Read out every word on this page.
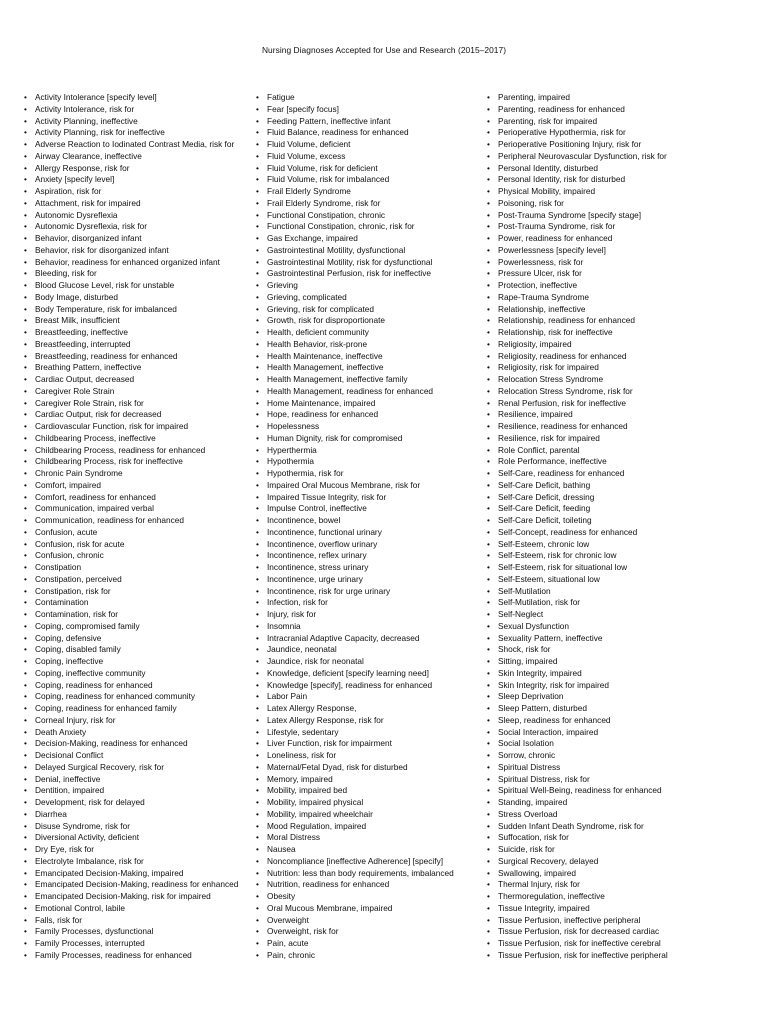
Nursing Diagnoses Accepted for Use and Research (2015–2017)
• Activity Intolerance [specify level]
• Activity Intolerance, risk for
• Activity Planning, ineffective
• Activity Planning, risk for ineffective
• Adverse Reaction to Iodinated Contrast Media, risk for
• Airway Clearance, ineffective
• Allergy Response, risk for
• Anxiety [specify level]
• Aspiration, risk for
• Attachment, risk for impaired
• Autonomic Dysreflexia
• Autonomic Dysreflexia, risk for
• Behavior, disorganized infant
• Behavior, risk for disorganized infant
• Behavior, readiness for enhanced organized infant
• Bleeding, risk for
• Blood Glucose Level, risk for unstable
• Body Image, disturbed
• Body Temperature, risk for imbalanced
• Breast Milk, insufficient
• Breastfeeding, ineffective
• Breastfeeding, interrupted
• Breastfeeding, readiness for enhanced
• Breathing Pattern, ineffective
• Cardiac Output, decreased
• Caregiver Role Strain
• Caregiver Role Strain, risk for
• Cardiac Output, risk for decreased
• Cardiovascular Function, risk for impaired
• Childbearing Process, ineffective
• Childbearing Process, readiness for enhanced
• Childbearing Process, risk for ineffective
• Chronic Pain Syndrome
• Comfort, impaired
• Comfort, readiness for enhanced
• Communication, impaired verbal
• Communication, readiness for enhanced
• Confusion, acute
• Confusion, risk for acute
• Confusion, chronic
• Constipation
• Constipation, perceived
• Constipation, risk for
• Contamination
• Contamination, risk for
• Coping, compromised family
• Coping, defensive
• Coping, disabled family
• Coping, ineffective
• Coping, ineffective community
• Coping, readiness for enhanced
• Coping, readiness for enhanced community
• Coping, readiness for enhanced family
• Corneal Injury, risk for
• Death Anxiety
• Decision-Making, readiness for enhanced
• Decisional Conflict
• Delayed Surgical Recovery, risk for
• Denial, ineffective
• Dentition, impaired
• Development, risk for delayed
• Diarrhea
• Disuse Syndrome, risk for
• Diversional Activity, deficient
• Dry Eye, risk for
• Electrolyte Imbalance, risk for
• Emancipated Decision-Making, impaired
• Emancipated Decision-Making, readiness for enhanced
• Emancipated Decision-Making, risk for impaired
• Emotional Control, labile
• Falls, risk for
• Family Processes, dysfunctional
• Family Processes, interrupted
• Family Processes, readiness for enhanced
• Fatigue
• Fear [specify focus]
• Feeding Pattern, ineffective infant
• Fluid Balance, readiness for enhanced
• Fluid Volume, deficient
• Fluid Volume, excess
• Fluid Volume, risk for deficient
• Fluid Volume, risk for imbalanced
• Frail Elderly Syndrome
• Frail Elderly Syndrome, risk for
• Functional Constipation, chronic
• Functional Constipation, chronic, risk for
• Gas Exchange, impaired
• Gastrointestinal Motility, dysfunctional
• Gastrointestinal Motility, risk for dysfunctional
• Gastrointestinal Perfusion, risk for ineffective
• Grieving
• Grieving, complicated
• Grieving, risk for complicated
• Growth, risk for disproportionate
• Health, deficient community
• Health Behavior, risk-prone
• Health Maintenance, ineffective
• Health Management, ineffective
• Health Management, ineffective family
• Health Management, readiness for enhanced
• Home Maintenance, impaired
• Hope, readiness for enhanced
• Hopelessness
• Human Dignity, risk for compromised
• Hyperthermia
• Hypothermia
• Hypothermia, risk for
• Impaired Oral Mucous Membrane, risk for
• Impaired Tissue Integrity, risk for
• Impulse Control, ineffective
• Incontinence, bowel
• Incontinence, functional urinary
• Incontinence, overflow urinary
• Incontinence, reflex urinary
• Incontinence, stress urinary
• Incontinence, urge urinary
• Incontinence, risk for urge urinary
• Infection, risk for
• Injury, risk for
• Insomnia
• Intracranial Adaptive Capacity, decreased
• Jaundice, neonatal
• Jaundice, risk for neonatal
• Knowledge, deficient [specify learning need]
• Knowledge [specify], readiness for enhanced
• Labor Pain
• Latex Allergy Response,
• Latex Allergy Response, risk for
• Lifestyle, sedentary
• Liver Function, risk for impairment
• Loneliness, risk for
• Maternal/Fetal Dyad, risk for disturbed
• Memory, impaired
• Mobility, impaired bed
• Mobility, impaired physical
• Mobility, impaired wheelchair
• Mood Regulation, impaired
• Moral Distress
• Nausea
• Noncompliance [ineffective Adherence] [specify]
• Nutrition: less than body requirements, imbalanced
• Nutrition, readiness for enhanced
• Obesity
• Oral Mucous Membrane, impaired
• Overweight
• Overweight, risk for
• Pain, acute
• Pain, chronic
• Parenting, impaired
• Parenting, readiness for enhanced
• Parenting, risk for impaired
• Perioperative Hypothermia, risk for
• Perioperative Positioning Injury, risk for
• Peripheral Neurovascular Dysfunction, risk for
• Personal Identity, disturbed
• Personal Identity, risk for disturbed
• Physical Mobility, impaired
• Poisoning, risk for
• Post-Trauma Syndrome [specify stage]
• Post-Trauma Syndrome, risk for
• Power, readiness for enhanced
• Powerlessness [specify level]
• Powerlessness, risk for
• Pressure Ulcer, risk for
• Protection, ineffective
• Rape-Trauma Syndrome
• Relationship, ineffective
• Relationship, readiness for enhanced
• Relationship, risk for ineffective
• Religiosity, impaired
• Religiosity, readiness for enhanced
• Religiosity, risk for impaired
• Relocation Stress Syndrome
• Relocation Stress Syndrome, risk for
• Renal Perfusion, risk for ineffective
• Resilience, impaired
• Resilience, readiness for enhanced
• Resilience, risk for impaired
• Role Conflict, parental
• Role Performance, ineffective
• Self-Care, readiness for enhanced
• Self-Care Deficit, bathing
• Self-Care Deficit, dressing
• Self-Care Deficit, feeding
• Self-Care Deficit, toileting
• Self-Concept, readiness for enhanced
• Self-Esteem, chronic low
• Self-Esteem, risk for chronic low
• Self-Esteem, risk for situational low
• Self-Esteem, situational low
• Self-Mutilation
• Self-Mutilation, risk for
• Self-Neglect
• Sexual Dysfunction
• Sexuality Pattern, ineffective
• Shock, risk for
• Sitting, impaired
• Skin Integrity, impaired
• Skin Integrity, risk for impaired
• Sleep Deprivation
• Sleep Pattern, disturbed
• Sleep, readiness for enhanced
• Social Interaction, impaired
• Social Isolation
• Sorrow, chronic
• Spiritual Distress
• Spiritual Distress, risk for
• Spiritual Well-Being, readiness for enhanced
• Standing, impaired
• Stress Overload
• Sudden Infant Death Syndrome, risk for
• Suffocation, risk for
• Suicide, risk for
• Surgical Recovery, delayed
• Swallowing, impaired
• Thermal Injury, risk for
• Thermoregulation, ineffective
• Tissue Integrity, impaired
• Tissue Perfusion, ineffective peripheral
• Tissue Perfusion, risk for decreased cardiac
• Tissue Perfusion, risk for ineffective cerebral
• Tissue Perfusion, risk for ineffective peripheral
